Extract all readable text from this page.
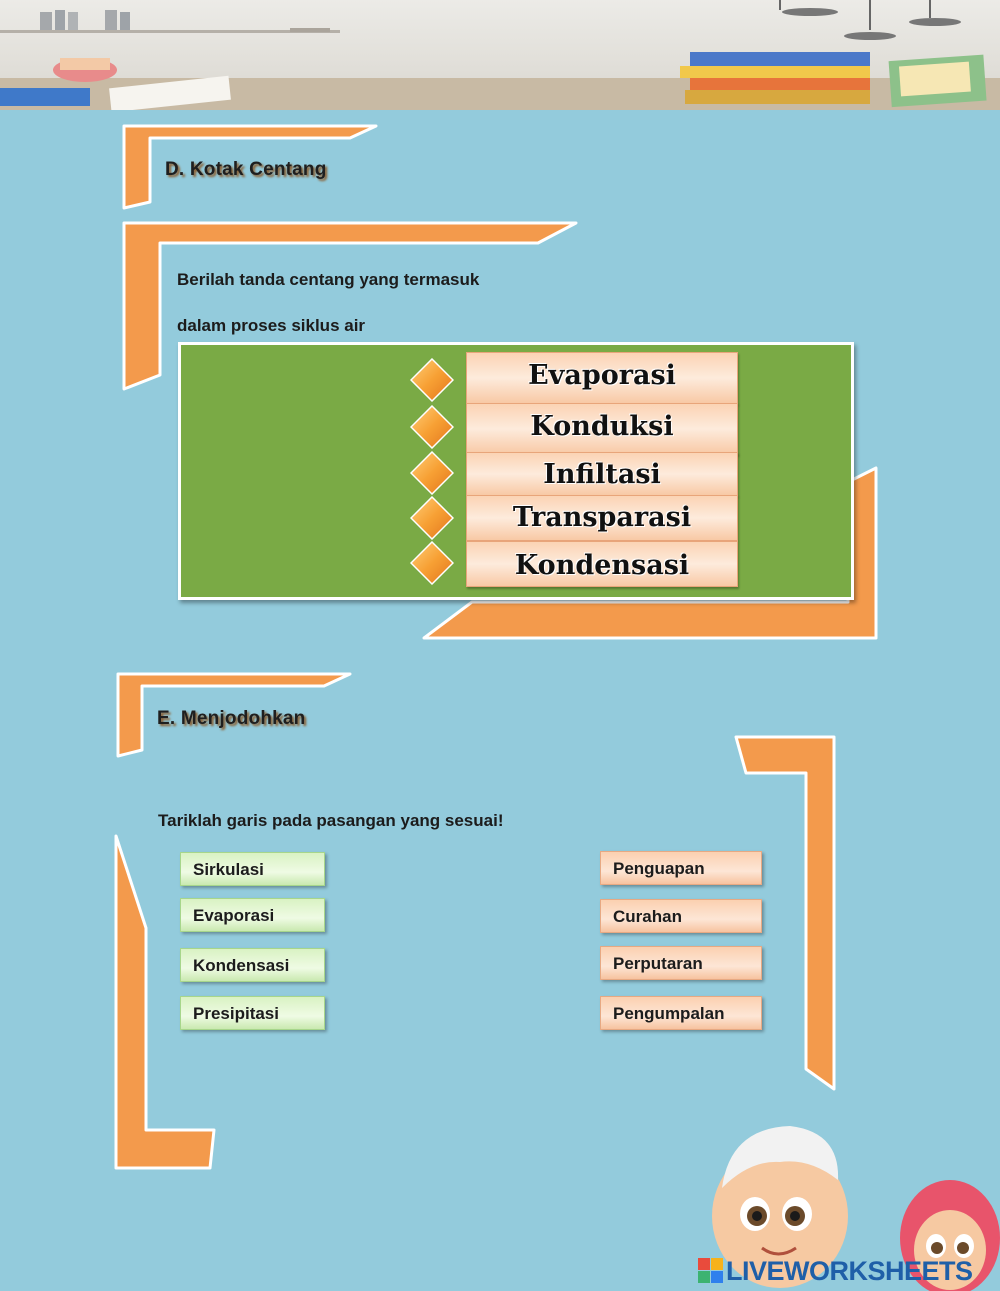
D. Kotak Centang
Berilah tanda centang yang termasuk
dalam proses siklus air
Evaporasi
Konduksi
Infiltasi
Transparasi
Kondensasi
E. Menjodohkan
Tariklah garis pada pasangan yang sesuai!
Sirkulasi
Evaporasi
Kondensasi
Presipitasi
Penguapan
Curahan
Perputaran
Pengumpalan
LIVEWORKSHEETS
